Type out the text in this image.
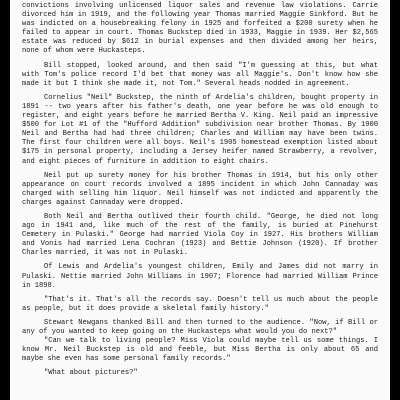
convictions involving unlicensed liquor sales and revenue law violations. Carrie divorced him in 1919, and the following year Thomas married Maggie Sinkford. But he was indicted on a housebreaking felony in 1925 and forfeited a $200 surety when he failed to appear in court. Thomas Buckstep died in 1933, Maggie in 1939. Her $2,565 estate was reduced by $612 in burial expenses and then divided among her heirs, none of whom were Huckasteps.

Bill stopped, looked around, and then said "I'm guessing at this, but what with Tom's police record I'd bet that money was all Maggie's. Don't know how she made it but I think she made it, not Tom." Several heads nodded in agreement.

Cornelius "Neil" Buckstep, the ninth of Ardelia's children, bought property in 1891 -- two years after his father's death, one year before he was old enough to register, and eight years before he married Bertha V. King. Neil paid an impressive $500 for Lot #1 of the "Hufford Addition" subdivision near brother Thomas. By 1900 Neil and Bertha had had three children; Charles and William may have been twins. The first four children were all boys. Neil's 1905 homestead exemption listed about $175 in personal property, including a Jersey heifer named Strawberry, a revolver, and eight pieces of furniture in addition to eight chairs.

Neil put up surety money for his brother Thomas in 1914, but his only other appearance on court records involved a 1895 incident in which John Cannaday was charged with selling him liquor. Neil himself was not indicted and apparently the charges against Cannaday were dropped.

Both Neil and Bertha outlived their fourth child. "George, he died not long ago in 1941 and, like much of the rest of the family, is buried at Pinehurst Cemetery in Pulaski." George had married Viola Coy in 1927. His brothers William and Vonis had married Lena Cochran (1923) and Bettie Johnson (1920). If brother Charles married, it was not in Pulaski.

Of Lewis and Ardelia's youngest children, Emily and James did not marry in Pulaski. Nettie married John Williams in 1907; Florence had married William Prince in 1898.

"That's it. That's all the records say. Doesn't tell us much about the people as people, but it does provide a skeletal family history."

Stewart Newgans thanked Bill and then turned to the audience. "Now, if Bill or any of you wanted to keep going on the Huckasteps what would you do next?"

"Can we talk to living people? Miss Viola could maybe tell us some things. I know Mr. Neil Buckstep is old and feeble, but Miss Bertha is only about 65 and maybe she even has some personal family records."

"What about pictures?"
